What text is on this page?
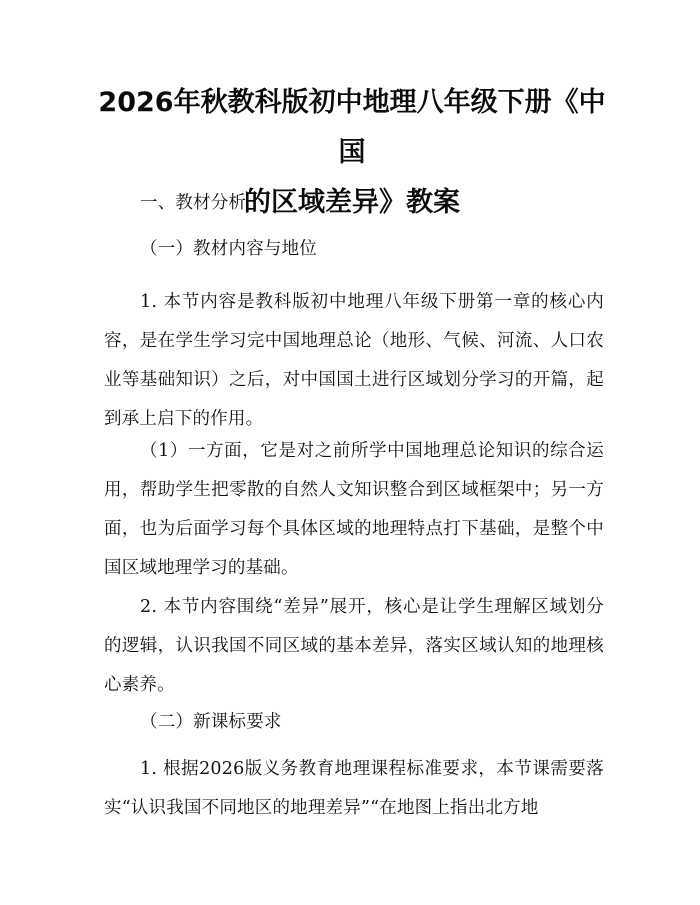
2026年秋教科版初中地理八年级下册《中国
的区域差异》教案

一、教材分析

（一）教材内容与地位

1. 本节内容是教科版初中地理八年级下册第一章的核心内容，是在学生学习完中国地理总论（地形、气候、河流、人口农业等基础知识）之后，对中国国土进行区域划分学习的开篇，起到承上启下的作用。

（1）一方面，它是对之前所学中国地理总论知识的综合运用，帮助学生把零散的自然人文知识整合到区域框架中；另一方面，也为后面学习每个具体区域的地理特点打下基础，是整个中国区域地理学习的基础。

2. 本节内容围绕“差异”展开，核心是让学生理解区域划分的逻辑，认识我国不同区域的基本差异，落实区域认知的地理核心素养。

（二）新课标要求

1. 根据2026版义务教育地理课程标准要求，本节课需要落实“认识我国不同地区的地理差异”“在地图上指出北方地
